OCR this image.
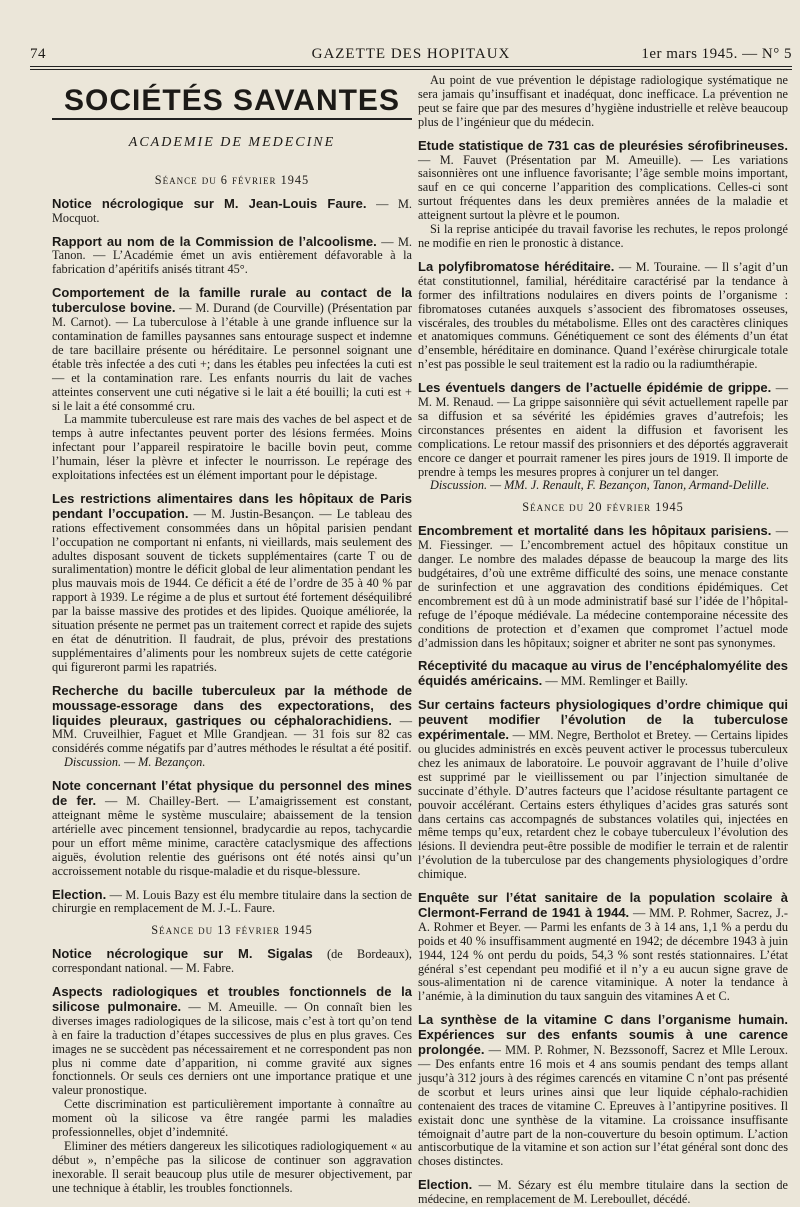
74	GAZETTE DES HOPITAUX	1er mars 1945. — N° 5
SOCIÉTÉS SAVANTES
ACADEMIE DE MEDECINE

Séance du 6 février 1945

Notice nécrologique sur M. Jean-Louis Faure. — M. Mocquot.

Rapport au nom de la Commission de l’alcoolisme. — M. Tanon. — L’Académie émet un avis entièrement défavorable à la fabrication d’apéritifs anisés titrant 45°.

Comportement de la famille rurale au contact de la tuberculose bovine. — M. Durand (de Courville) (Présentation par M. Carnot). — La tuberculose à l’étable à une grande influence sur la contamination de familles paysannes sans entourage suspect et indemne de tare bacillaire présente ou héréditaire. Le personnel soignant une étable très infectée a des cuti +; dans les étables peu infectées la cuti est — et la contamination rare. Les enfants nourris du lait de vaches atteintes conservent une cuti négative si le lait a été bouilli; la cuti est + si le lait a été consommé cru.

La mammite tuberculeuse est rare mais des vaches de bel aspect et de temps à autre infectantes peuvent porter des lésions fermées. Moins infectant pour l’appareil respiratoire le bacille bovin peut, comme l’humain, léser la plèvre et infecter le nourrisson. Le repérage des exploitations infectées est un élément important pour le dépistage.

Les restrictions alimentaires dans les hôpitaux de Paris pendant l’occupation. — M. Justin-Besançon. — Le tableau des rations effectivement consommées dans un hôpital parisien pendant l’occupation ne comportant ni enfants, ni vieillards, mais seulement des adultes disposant souvent de tickets supplémentaires (carte T ou de suralimentation) montre le déficit global de leur alimentation pendant les plus mauvais mois de 1944. Ce déficit a été de l’ordre de 35 à 40 % par rapport à 1939. Le régime a de plus et surtout été fortement déséquilibré par la baisse massive des protides et des lipides. Quoique améliorée, la situation présente ne permet pas un traitement correct et rapide des sujets en état de dénutrition. Il faudrait, de plus, prévoir des prestations supplémentaires d’aliments pour les nombreux sujets de cette catégorie qui figureront parmi les rapatriés.

Recherche du bacille tuberculeux par la méthode de moussage-essorage dans des expectorations, des liquides pleuraux, gastriques ou céphalorachidiens. — MM. Cruveilhier, Faguet et Mlle Grandjean. — 31 fois sur 82 cas considérés comme négatifs par d’autres méthodes le résultat a été positif.

Discussion. — M. Bezançon.

Note concernant l’état physique du personnel des mines de fer. — M. Chailley-Bert. — L’amaigrissement est constant, atteignant même le système musculaire; abaissement de la tension artérielle avec pincement tensionnel, bradycardie au repos, tachycardie pour un effort même minime, caractère cataclysmique des affections aiguës, évolution relentie des guérisons ont été notés ainsi qu’un accroissement notable du risque-maladie et du risque-blessure.

Election. — M. Louis Bazy est élu membre titulaire dans la section de chirurgie en remplacement de M. J.-L. Faure.

Séance du 13 février 1945

Notice nécrologique sur M. Sigalas (de Bordeaux), correspondant national. — M. Fabre.

Aspects radiologiques et troubles fonctionnels de la silicose pulmonaire. — M. Ameuille. — On connaît bien les diverses images radiologiques de la silicose, mais c’est à tort qu’on tend à en faire la traduction d’étapes successives de plus en plus graves. Ces images ne se succèdent pas nécessairement et ne correspondent pas non plus ni comme date d’apparition, ni comme gravité aux signes fonctionnels. Or seuls ces derniers ont une importance pratique et une valeur pronostique.

Cette discrimination est particulièrement importante à connaître au moment où la silicose va être rangée parmi les maladies professionnelles, objet d’indemnité.

Eliminer des métiers dangereux les silicotiques radiologiquement « au début », n’empêche pas la silicose de continuer son aggravation inexorable. Il serait beaucoup plus utile de mesurer objectivement, par une technique à établir, les troubles fonctionnels.

Au point de vue prévention le dépistage radiologique systématique ne sera jamais qu’insuffisant et inadéquat, donc inefficace. La prévention ne peut se faire que par des mesures d’hygiène industrielle et relève beaucoup plus de l’ingénieur que du médecin.

Etude statistique de 731 cas de pleurésies sérofibrineuses. — M. Fauvet (Présentation par M. Ameuille). — Les variations saisonnières ont une influence favorisante; l’âge semble moins important, sauf en ce qui concerne l’apparition des complications. Celles-ci sont surtout fréquentes dans les deux premières années de la maladie et atteignent surtout la plèvre et le poumon.

Si la reprise anticipée du travail favorise les rechutes, le repos prolongé ne modifie en rien le pronostic à distance.

La polyfibromatose héréditaire. — M. Touraine. — Il s’agit d’un état constitutionnel, familial, héréditaire caractérisé par la tendance à former des infiltrations nodulaires en divers points de l’organisme : fibromatoses cutanées auxquels s’associent des fibromatoses osseuses, viscérales, des troubles du métabolisme. Elles ont des caractères cliniques et anatomiques communs. Génétiquement ce sont des éléments d’un état d’ensemble, héréditaire en dominance. Quand l’exérèse chirurgicale totale n’est pas possible le seul traitement est la radio ou la radiumthérapie.

Les éventuels dangers de l’actuelle épidémie de grippe. — M. M. Renaud. — La grippe saisonnière qui sévit actuellement rapelle par sa diffusion et sa sévérité les épidémies graves d’autrefois; les circonstances présentes en aident la diffusion et favorisent les complications. Le retour massif des prisonniers et des déportés aggraverait encore ce danger et pourrait ramener les pires jours de 1919. Il importe de prendre à temps les mesures propres à conjurer un tel danger.

Discussion. — MM. J. Renault, F. Bezançon, Tanon, Armand-Delille.

Séance du 20 février 1945

Encombrement et mortalité dans les hôpitaux parisiens. — M. Fiessinger. — L’encombrement actuel des hôpitaux constitue un danger. Le nombre des malades dépasse de beaucoup la marge des lits budgétaires, d’où une extrême difficulté des soins, une menace constante de surinfection et une aggravation des conditions épidémiques. Cet encombrement est dû à un mode administratif basé sur l’idée de l’hôpital-refuge de l’époque médiévale. La médecine contemporaine nécessite des conditions de protection et d’examen que compromet l’actuel mode d’admission dans les hôpitaux; soigner et abriter ne sont pas synonymes.

Réceptivité du macaque au virus de l’encéphalomyélite des équidés américains. — MM. Remlinger et Bailly.

Sur certains facteurs physiologiques d’ordre chimique qui peuvent modifier l’évolution de la tuberculose expérimentale. — MM. Negre, Bertholot et Bretey. — Certains lipides ou glucides administrés en excès peuvent activer le processus tuberculeux chez les animaux de laboratoire. Le pouvoir aggravant de l’huile d’olive est supprimé par le vieillissement ou par l’injection simultanée de succinate d’éthyle. D’autres facteurs que l’acidose résultante partagent ce pouvoir accélérant. Certains esters éthyliques d’acides gras saturés sont dans certains cas accompagnés de substances volatiles qui, injectées en même temps qu’eux, retardent chez le cobaye tuberculeux l’évolution des lésions. Il deviendra peut-être possible de modifier le terrain et de ralentir l’évolution de la tuberculose par des changements physiologiques d’ordre chimique.

Enquête sur l’état sanitaire de la population scolaire à Clermont-Ferrand de 1941 à 1944. — MM. P. Rohmer, Sacrez, J.-A. Rohmer et Beyer. — Parmi les enfants de 3 à 14 ans, 1,1 % a perdu du poids et 40 % insuffisamment augmenté en 1942; de décembre 1943 à juin 1944, 124 % ont perdu du poids, 54,3 % sont restés stationnaires. L’état général s’est cependant peu modifié et il n’y a eu aucun signe grave de sous-alimentation ni de carence vitaminique. A noter la tendance à l’anémie, à la diminution du taux sanguin des vitamines A et C.

La synthèse de la vitamine C dans l’organisme humain. Expériences sur des enfants soumis à une carence prolongée. — MM. P. Rohmer, N. Bezssonoff, Sacrez et Mlle Leroux. — Des enfants entre 16 mois et 4 ans soumis pendant des temps allant jusqu’à 312 jours à des régimes carencés en vitamine C n’ont pas présenté de scorbut et leurs urines ainsi que leur liquide céphalo-rachidien contenaient des traces de vitamine C. Epreuves à l’antipyrine positives. Il existait donc une synthèse de la vitamine. La croissance insuffisante témoignait d’autre part de la non-couverture du besoin optimum. L’action antiscorbutique de la vitamine et son action sur l’état général sont donc des choses distinctes.

Election. — M. Sézary est élu membre titulaire dans la section de médecine, en remplacement de M. Lereboullet, décédé.
